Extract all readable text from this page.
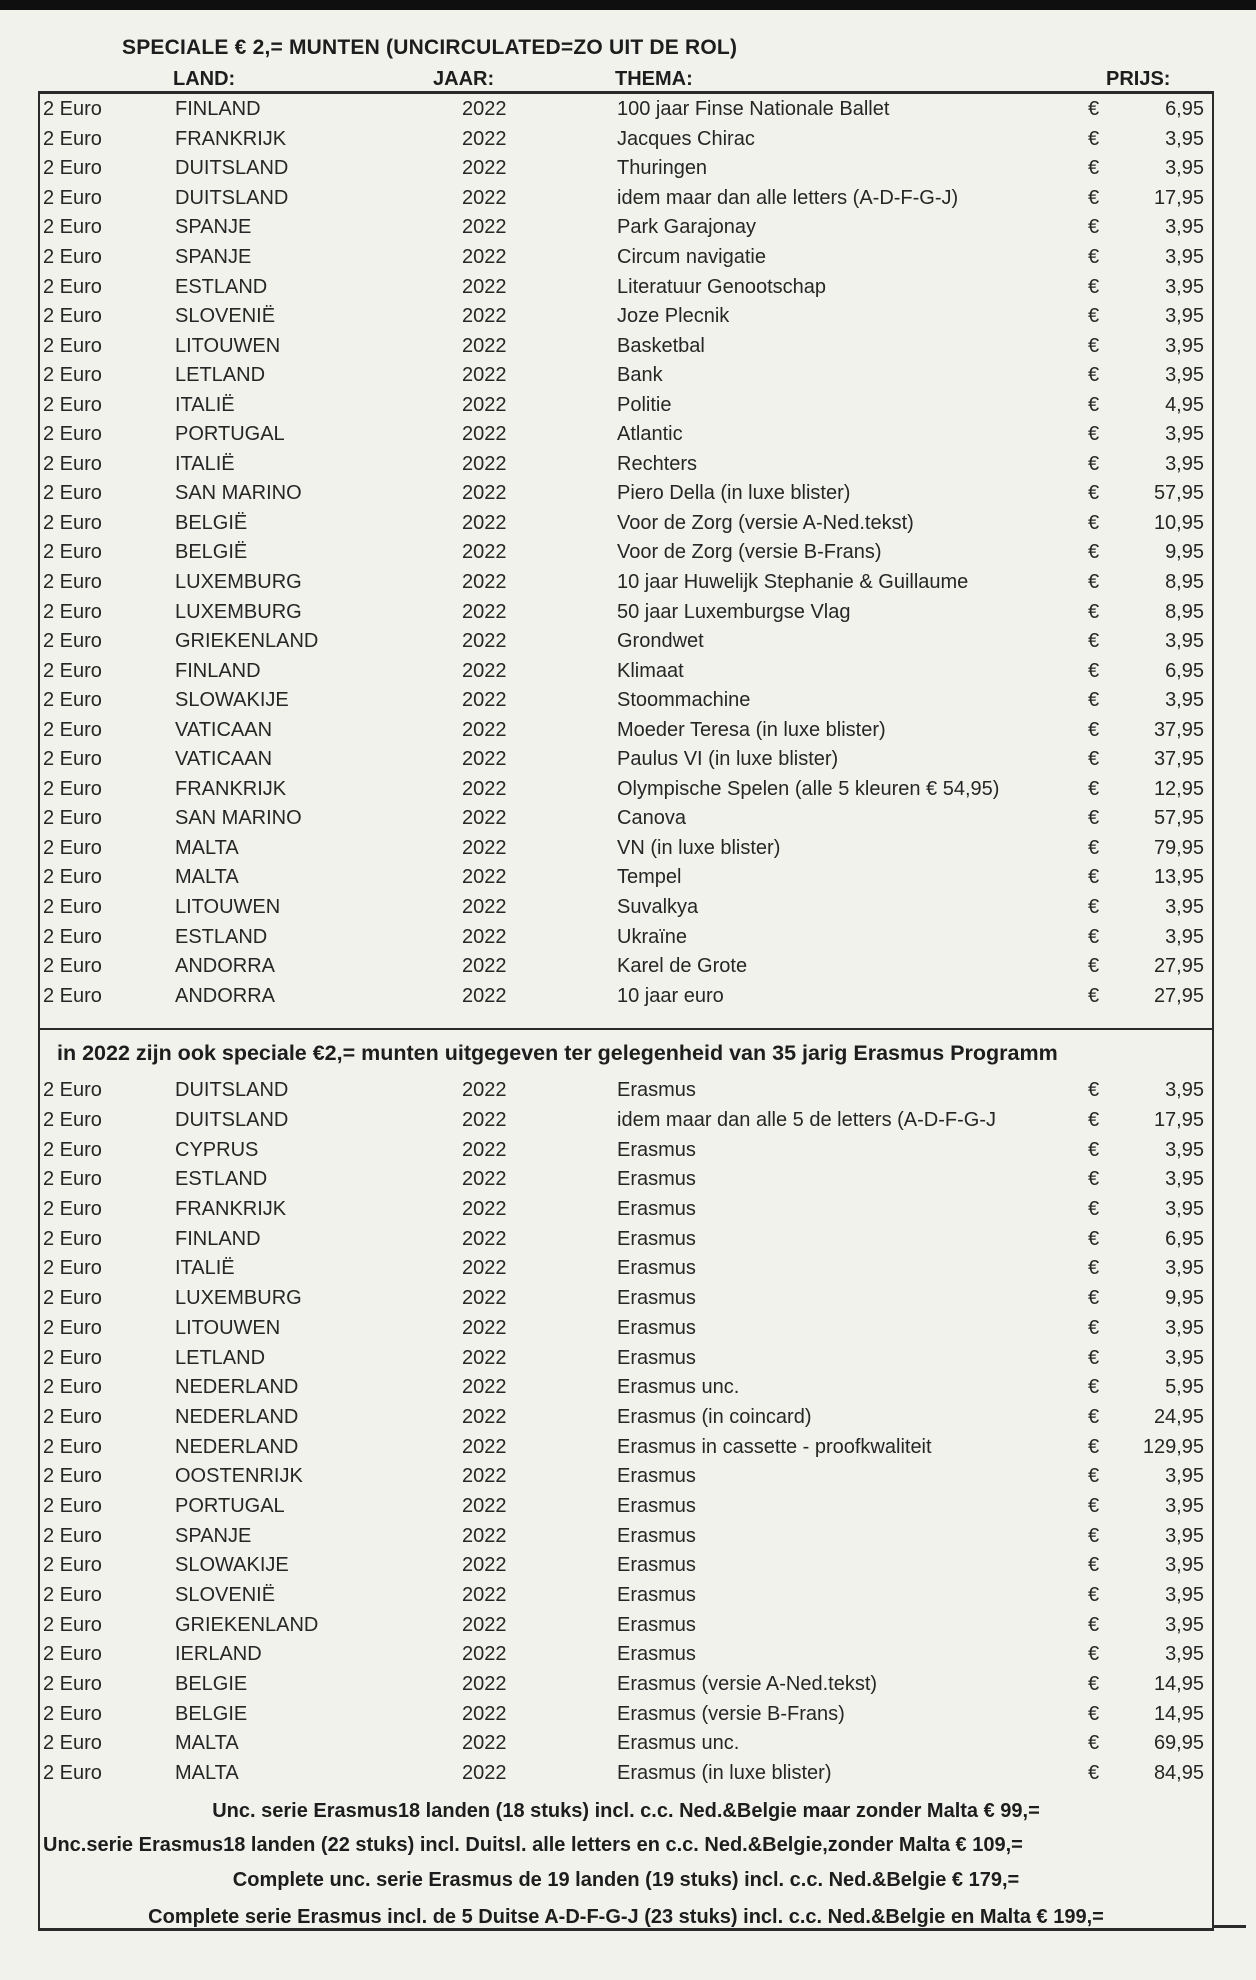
SPECIALE € 2,= MUNTEN (UNCIRCULATED=ZO UIT DE ROL)
LAND:	JAAR:	THEMA:	PRIJS:
2 Euro	FINLAND	2022	100 jaar Finse Nationale Ballet	€	6,95
2 Euro	FRANKRIJK	2022	Jacques Chirac	€	3,95
2 Euro	DUITSLAND	2022	Thuringen	€	3,95
2 Euro	DUITSLAND	2022	idem maar dan alle letters (A-D-F-G-J)	€	17,95
2 Euro	SPANJE	2022	Park Garajonay	€	3,95
2 Euro	SPANJE	2022	Circum navigatie	€	3,95
2 Euro	ESTLAND	2022	Literatuur Genootschap	€	3,95
2 Euro	SLOVENIË	2022	Joze Plecnik	€	3,95
2 Euro	LITOUWEN	2022	Basketbal	€	3,95
2 Euro	LETLAND	2022	Bank	€	3,95
2 Euro	ITALIË	2022	Politie	€	4,95
2 Euro	PORTUGAL	2022	Atlantic	€	3,95
2 Euro	ITALIË	2022	Rechters	€	3,95
2 Euro	SAN MARINO	2022	Piero Della (in luxe blister)	€	57,95
2 Euro	BELGIË	2022	Voor de Zorg (versie A-Ned.tekst)	€	10,95
2 Euro	BELGIË	2022	Voor de Zorg (versie B-Frans)	€	9,95
2 Euro	LUXEMBURG	2022	10 jaar Huwelijk Stephanie & Guillaume	€	8,95
2 Euro	LUXEMBURG	2022	50 jaar Luxemburgse Vlag	€	8,95
2 Euro	GRIEKENLAND	2022	Grondwet	€	3,95
2 Euro	FINLAND	2022	Klimaat	€	6,95
2 Euro	SLOWAKIJE	2022	Stoommachine	€	3,95
2 Euro	VATICAAN	2022	Moeder Teresa (in luxe blister)	€	37,95
2 Euro	VATICAAN	2022	Paulus VI (in luxe blister)	€	37,95
2 Euro	FRANKRIJK	2022	Olympische Spelen (alle 5 kleuren € 54,95)	€	12,95
2 Euro	SAN MARINO	2022	Canova	€	57,95
2 Euro	MALTA	2022	VN (in luxe blister)	€	79,95
2 Euro	MALTA	2022	Tempel	€	13,95
2 Euro	LITOUWEN	2022	Suvalkya	€	3,95
2 Euro	ESTLAND	2022	Ukraïne	€	3,95
2 Euro	ANDORRA	2022	Karel de Grote	€	27,95
2 Euro	ANDORRA	2022	10 jaar euro	€	27,95
in 2022 zijn ook speciale €2,= munten uitgegeven ter gelegenheid van 35 jarig Erasmus Programm
2 Euro	DUITSLAND	2022	Erasmus	€	3,95
2 Euro	DUITSLAND	2022	idem maar dan alle 5 de letters (A-D-F-G-J	€	17,95
2 Euro	CYPRUS	2022	Erasmus	€	3,95
2 Euro	ESTLAND	2022	Erasmus	€	3,95
2 Euro	FRANKRIJK	2022	Erasmus	€	3,95
2 Euro	FINLAND	2022	Erasmus	€	6,95
2 Euro	ITALIË	2022	Erasmus	€	3,95
2 Euro	LUXEMBURG	2022	Erasmus	€	9,95
2 Euro	LITOUWEN	2022	Erasmus	€	3,95
2 Euro	LETLAND	2022	Erasmus	€	3,95
2 Euro	NEDERLAND	2022	Erasmus unc.	€	5,95
2 Euro	NEDERLAND	2022	Erasmus (in coincard)	€	24,95
2 Euro	NEDERLAND	2022	Erasmus in cassette - proofkwaliteit	€	129,95
2 Euro	OOSTENRIJK	2022	Erasmus	€	3,95
2 Euro	PORTUGAL	2022	Erasmus	€	3,95
2 Euro	SPANJE	2022	Erasmus	€	3,95
2 Euro	SLOWAKIJE	2022	Erasmus	€	3,95
2 Euro	SLOVENIË	2022	Erasmus	€	3,95
2 Euro	GRIEKENLAND	2022	Erasmus	€	3,95
2 Euro	IERLAND	2022	Erasmus	€	3,95
2 Euro	BELGIE	2022	Erasmus (versie A-Ned.tekst)	€	14,95
2 Euro	BELGIE	2022	Erasmus (versie B-Frans)	€	14,95
2 Euro	MALTA	2022	Erasmus unc.	€	69,95
2 Euro	MALTA	2022	Erasmus (in luxe blister)	€	84,95
Unc. serie Erasmus18 landen (18 stuks) incl. c.c. Ned.&Belgie maar zonder Malta € 99,=
Unc.serie Erasmus18 landen (22 stuks) incl. Duitsl. alle letters en c.c. Ned.&Belgie,zonder Malta € 109,=
Complete unc. serie Erasmus de 19 landen (19 stuks) incl. c.c. Ned.&Belgie € 179,=
Complete serie Erasmus incl. de 5 Duitse A-D-F-G-J (23 stuks) incl. c.c. Ned.&Belgie en Malta € 199,=
